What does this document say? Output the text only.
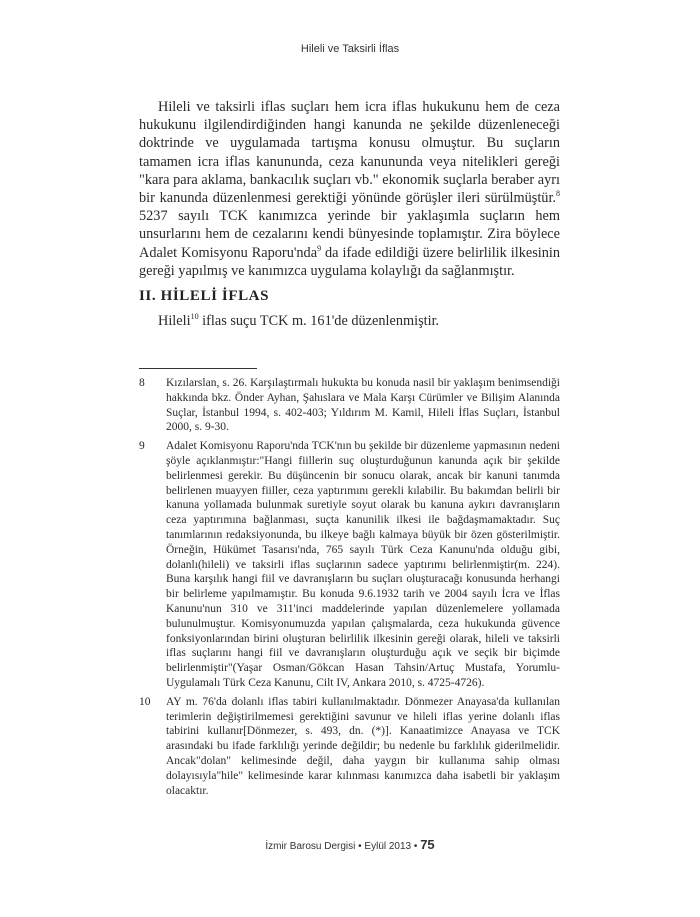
Hileli ve Taksirli İflas

Hileli ve taksirli iflas suçları hem icra iflas hukukunu hem de ceza hukukunu ilgilendirdiğinden hangi kanunda ne şekilde düzenleneceği doktrinde ve uygulamada tartışma konusu olmuştur. Bu suçların tamamen icra iflas kanununda, ceza kanununda veya nitelikleri gereği "kara para aklama, bankacılık suçları vb." ekonomik suçlarla beraber ayrı bir kanunda düzenlenmesi gerektiği yönünde görüşler ileri sürülmüştür.$^8$ 5237 sayılı TCK kanımızca yerinde bir yaklaşımla suçların hem unsurlarını hem de cezalarını kendi bünyesinde toplamıştır. Zira böylece Adalet Komisyonu Raporu'nda$^9$ da ifade edildiği üzere belirlilik ilkesinin gereği yapılmış ve kanımızca uygulama kolaylığı da sağlanmıştır.

II. HİLELİ İFLAS
Hileli$^{10}$ iflas suçu TCK m. 161'de düzenlenmiştir.
8 Kızılarslan, s. 26. Karşılaştırmalı hukukta bu konuda nasil bir yaklaşım benimsendiği hakkında bkz. Önder Ayhan, Şahıslara ve Mala Karşı Cürümler ve Bilişim Alanında Suçlar, İstanbul 1994, s. 402-403; Yıldırım M. Kamil, Hileli İflas Suçları, İstanbul 2000, s. 9-30.

9 Adalet Komisyonu Raporu'nda TCK'nın bu şekilde bir düzenleme yapmasının nedeni şöyle açıklanmıştır:"Hangi fiillerin suç oluşturduğunun kanunda açık bir şekilde belirlenmesi gerekir. Bu düşüncenin bir sonucu olarak, ancak bir kanuni tanımda belirlenen muayyen fiiller, ceza yaptırımını gerekli kılabilir. Bu bakımdan belirli bir kanuna yollamada bulunmak suretiyle soyut olarak bu kanuna aykırı davranışların ceza yaptırımına bağlanması, suçta kanunilik ilkesi ile bağdaşmamaktadır. Suç tanımlarının redaksiyonunda, bu ilkeye bağlı kalmaya büyük bir özen gösterilmiştir. Örneğin, Hükümet Tasarısı'nda, 765 sayılı Türk Ceza Kanunu'nda olduğu gibi, dolanlı(hileli) ve taksirli iflas suçlarının sadece yaptırımı belirlenmiştir(m. 224). Buna karşılık hangi fiil ve davranışların bu suçları oluşturacağı konusunda herhangi bir belirleme yapılmamıştır. Bu konuda 9.6.1932 tarih ve 2004 sayılı İcra ve İflas Kanunu'nun 310 ve 311'inci maddelerinde yapılan düzenlemelere yollamada bulunulmuştur. Komisyonumuzda yapılan çalışmalarda, ceza hukukunda güvence fonksiyonlarından birini oluşturan belirlilik ilkesinin gereği olarak, hileli ve taksirli iflas suçlarını hangi fiil ve davranışların oluşturduğu açık ve seçik bir biçimde belirlenmiştir"(Yaşar Osman/Gökcan Hasan Tahsin/Artuç Mustafa, Yorumlu-Uygulamalı Türk Ceza Kanunu, Cilt IV, Ankara 2010, s. 4725-4726).

10 AY m. 76'da dolanlı iflas tabiri kullanılmaktadır. Dönmezer Anayasa'da kullanılan terimlerin değiştirilmemesi gerektiğini savunur ve hileli iflas yerine dolanlı iflas tabirini kullanır[Dönmezer, s. 493, dn. (*)]. Kanaatimizce Anayasa ve TCK arasındaki bu ifade farklılığı yerinde değildir; bu nedenle bu farklılık giderilmelidir. Ancak"dolan" kelimesinde değil, daha yaygın bir kullanıma sahip olması dolayısıyla"hile" kelimesinde karar kılınması kanımızca daha isabetli bir yaklaşım olacaktır.

İzmir Barosu Dergisi • Eylül 2013 • 75
